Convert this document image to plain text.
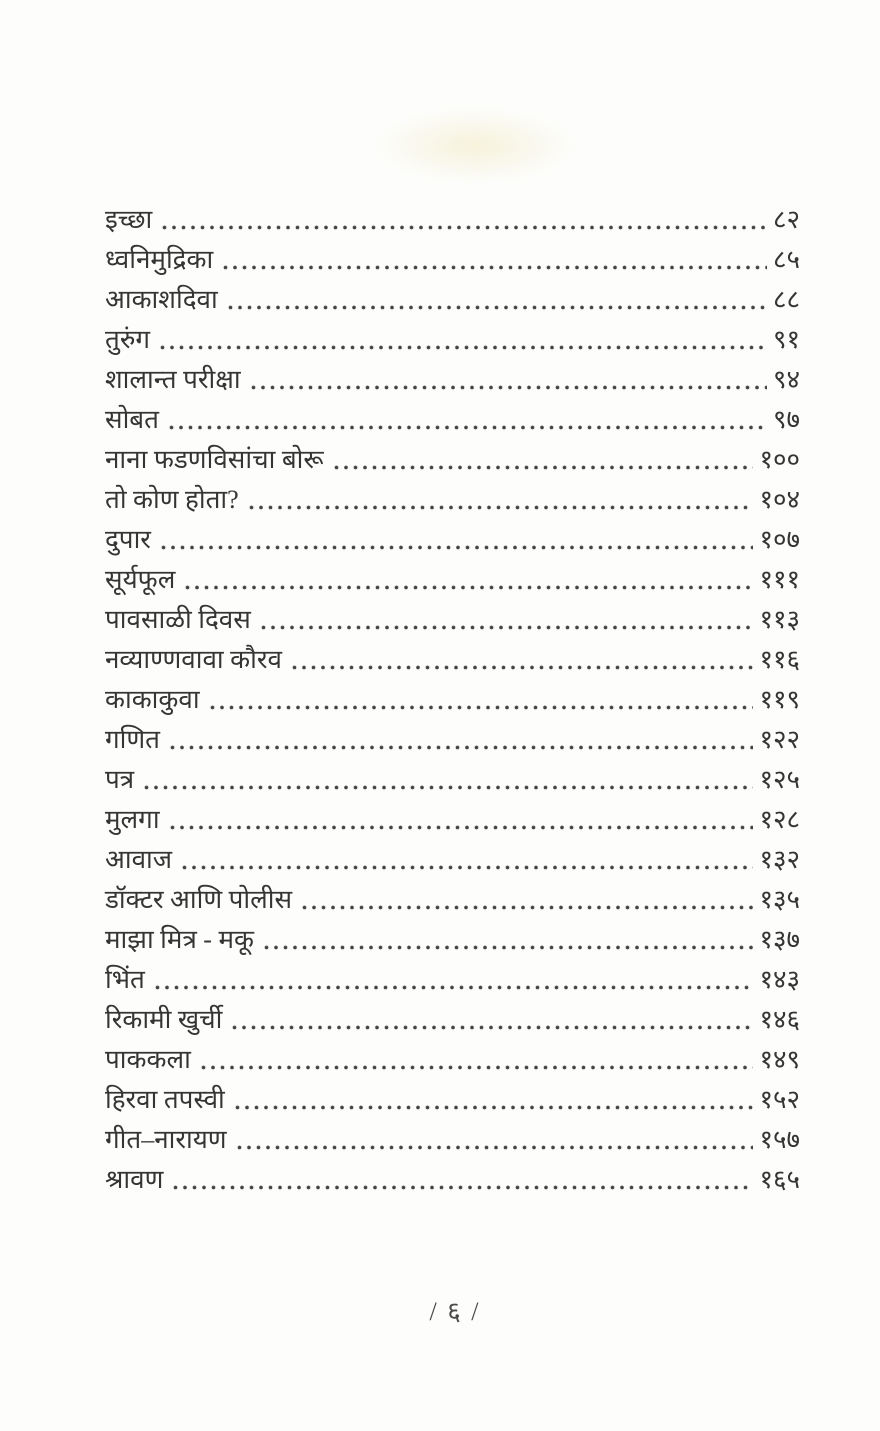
इच्छा	८२
ध्वनिमुद्रिका	८५
आकाशदिवा	८८
तुरुंग	९१
शालान्त परीक्षा	९४
सोबत	९७
नाना फडणविसांचा बोरू	१००
तो कोण होता?	१०४
दुपार	१०७
सूर्यफूल	१११
पावसाळी दिवस	११३
नव्याण्णवावा कौरव	११६
काकाकुवा	११९
गणित	१२२
पत्र	१२५
मुलगा	१२८
आवाज	१३२
डॉक्टर आणि पोलीस	१३५
माझा मित्र - मकू	१३७
भिंत	१४३
रिकामी खुर्ची	१४६
पाककला	१४९
हिरवा तपस्वी	१५२
गीत–नारायण	१५७
श्रावण	१६५
/ ६ /
